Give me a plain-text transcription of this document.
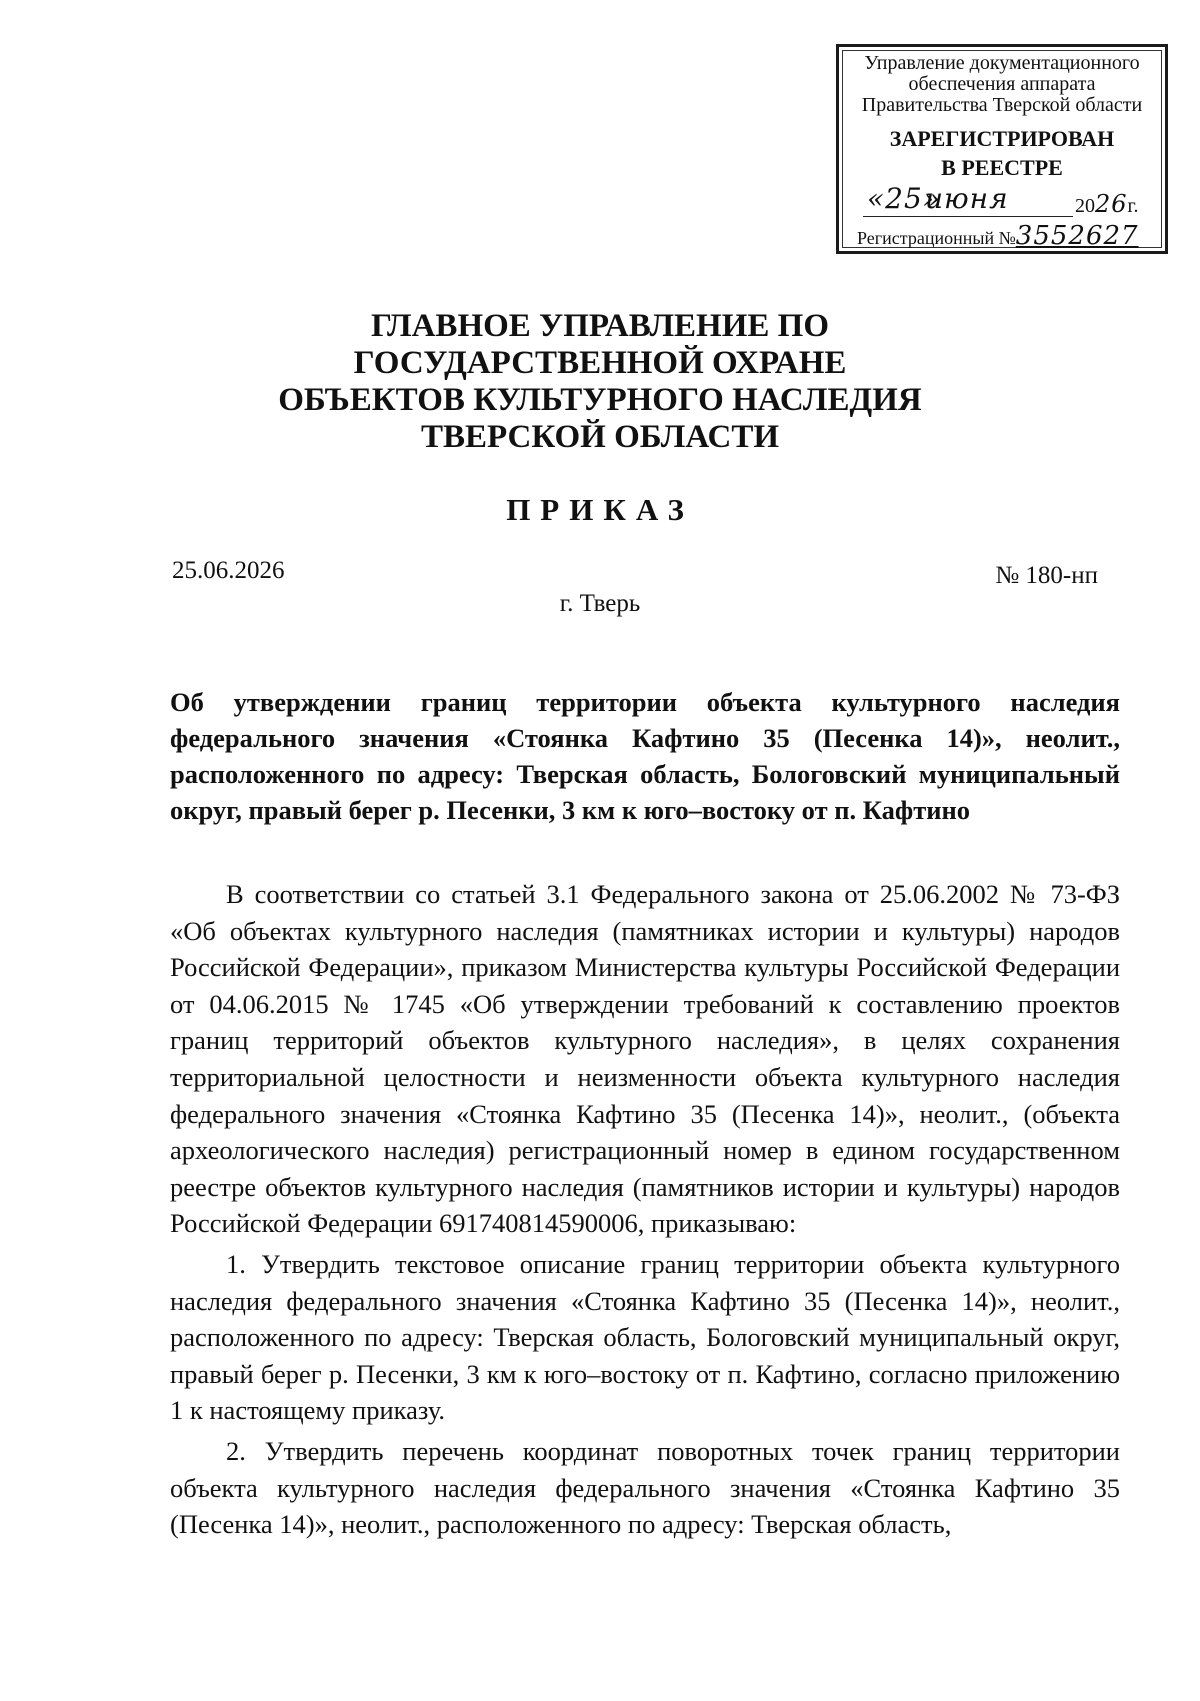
Управление документационного
обеспечения аппарата
Правительства Тверской области
ЗАРЕГИСТРИРОВАН
В РЕЕСТРЕ
«25»
июня	2026г.
Регистрационный №3552627
ГЛАВНОЕ УПРАВЛЕНИЕ ПО
ГОСУДАРСТВЕННОЙ ОХРАНЕ
ОБЪЕКТОВ КУЛЬТУРНОГО НАСЛЕДИЯ
ТВЕРСКОЙ ОБЛАСТИ
ПРИКАЗ
25.06.2026	№ 180-нп
г. Тверь
Об утверждении границ территории объекта культурного наследия федерального значения «Стоянка Кафтино 35 (Песенка 14)», неолит., расположенного по адресу: Тверская область, Бологовский муниципальный округ, правый берег р. Песенки, 3 км к юго–востоку от п. Кафтино

В соответствии со статьей 3.1 Федерального закона от 25.06.2002 № 73-ФЗ «Об объектах культурного наследия (памятниках истории и культуры) народов Российской Федерации», приказом Министерства культуры Российской Федерации от 04.06.2015 № 1745 «Об утверждении требований к составлению проектов границ территорий объектов культурного наследия», в целях сохранения территориальной целостности и неизменности объекта культурного наследия федерального значения «Стоянка Кафтино 35 (Песенка 14)», неолит., (объекта археологического наследия) регистрационный номер в едином государственном реестре объектов культурного наследия (памятников истории и культуры) народов Российской Федерации 691740814590006, приказываю:

1. Утвердить текстовое описание границ территории объекта культурного наследия федерального значения «Стоянка Кафтино 35 (Песенка 14)», неолит., расположенного по адресу: Тверская область, Бологовский муниципальный округ, правый берег р. Песенки, 3 км к юго–востоку от п. Кафтино, согласно приложению 1 к настоящему приказу.

2. Утвердить перечень координат поворотных точек границ территории объекта культурного наследия федерального значения «Стоянка Кафтино 35 (Песенка 14)», неолит., расположенного по адресу: Тверская область,
